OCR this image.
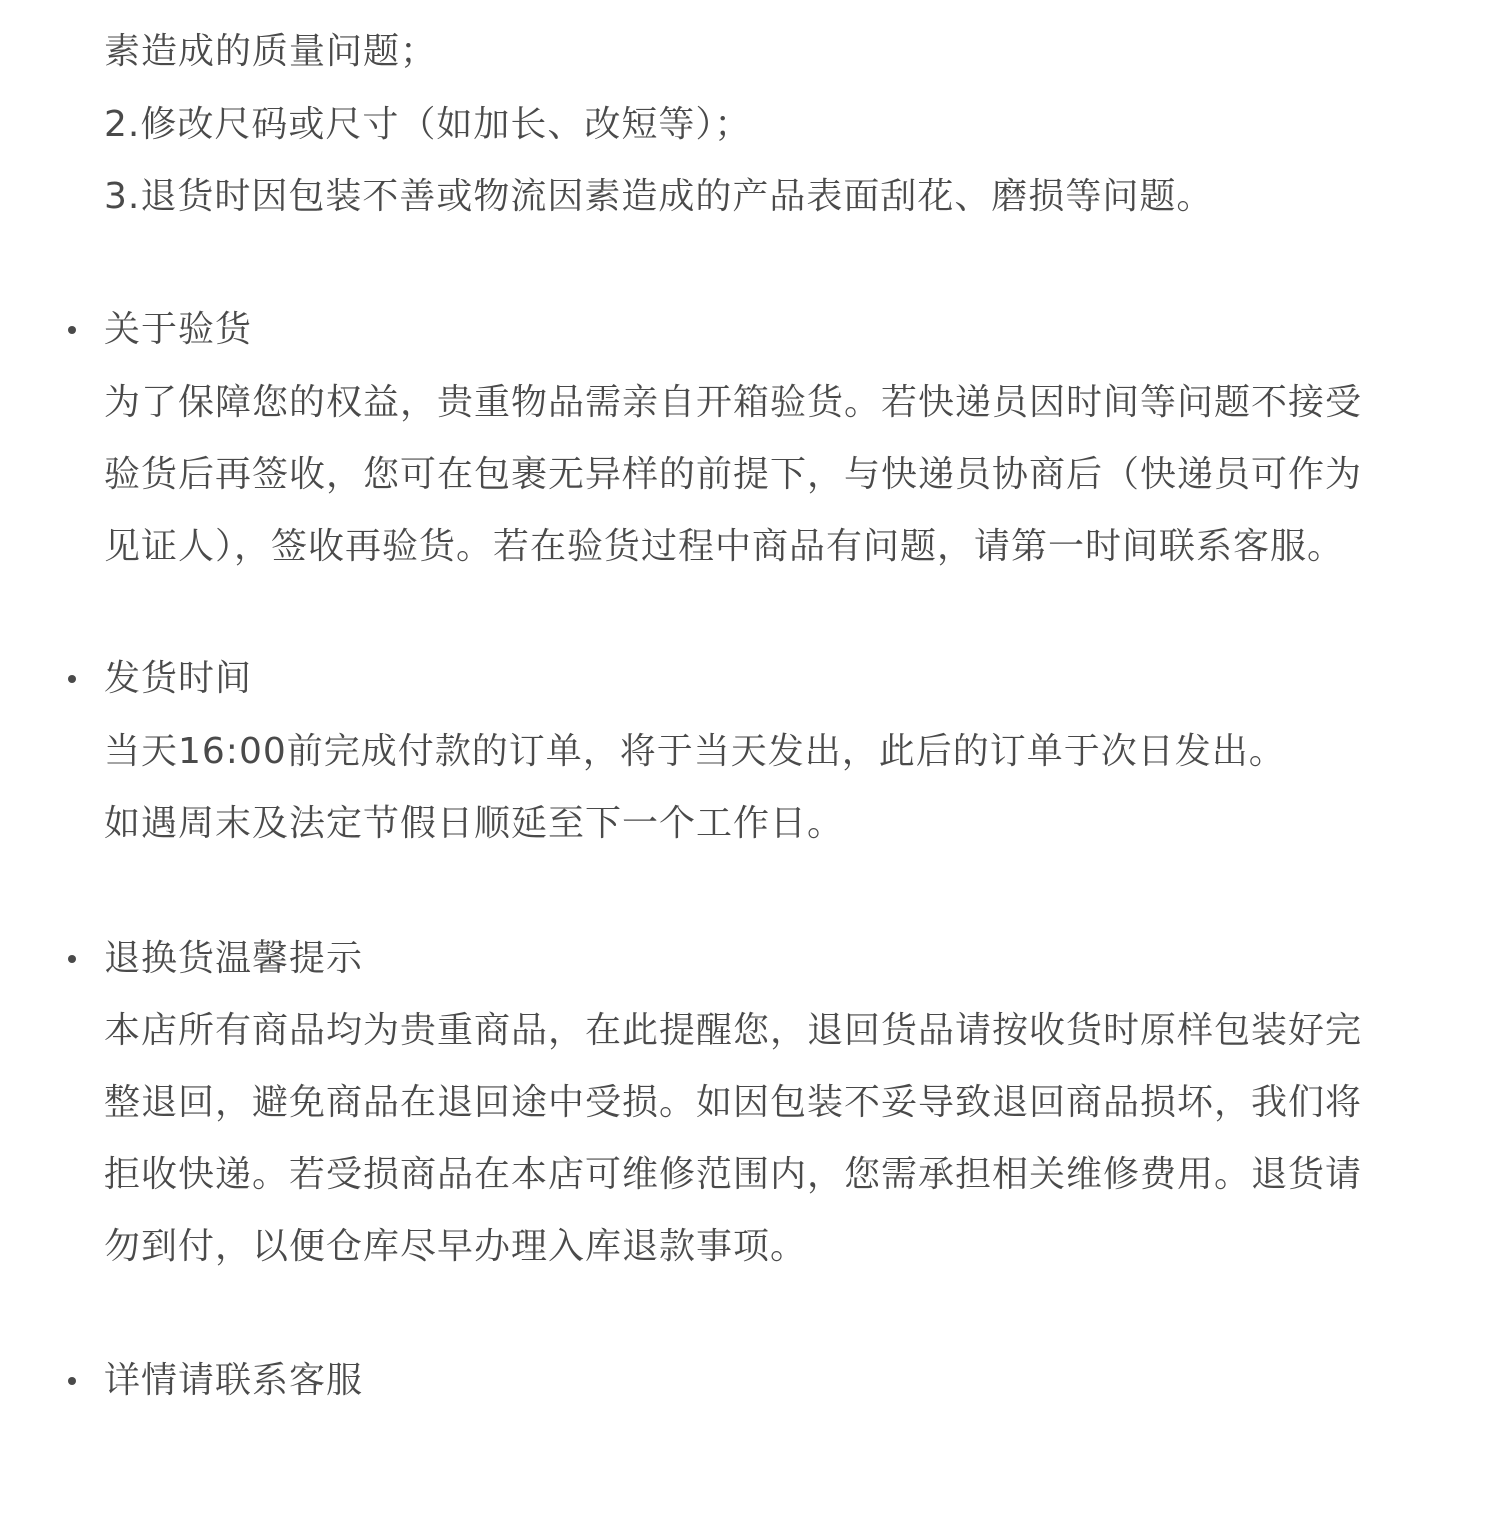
素造成的质量问题；
2.修改尺码或尺寸（如加长、改短等）；
3.退货时因包装不善或物流因素造成的产品表面刮花、磨损等问题。
关于验货
为了保障您的权益，贵重物品需亲自开箱验货。若快递员因时间等问题不接受
验货后再签收，您可在包裹无异样的前提下，与快递员协商后（快递员可作为
见证人），签收再验货。若在验货过程中商品有问题，请第一时间联系客服。
发货时间
当天16:00前完成付款的订单，将于当天发出，此后的订单于次日发出。
如遇周末及法定节假日顺延至下一个工作日。
退换货温馨提示
本店所有商品均为贵重商品，在此提醒您，退回货品请按收货时原样包装好完
整退回，避免商品在退回途中受损。如因包装不妥导致退回商品损坏，我们将
拒收快递。若受损商品在本店可维修范围内，您需承担相关维修费用。退货请
勿到付，以便仓库尽早办理入库退款事项。
详情请联系客服
